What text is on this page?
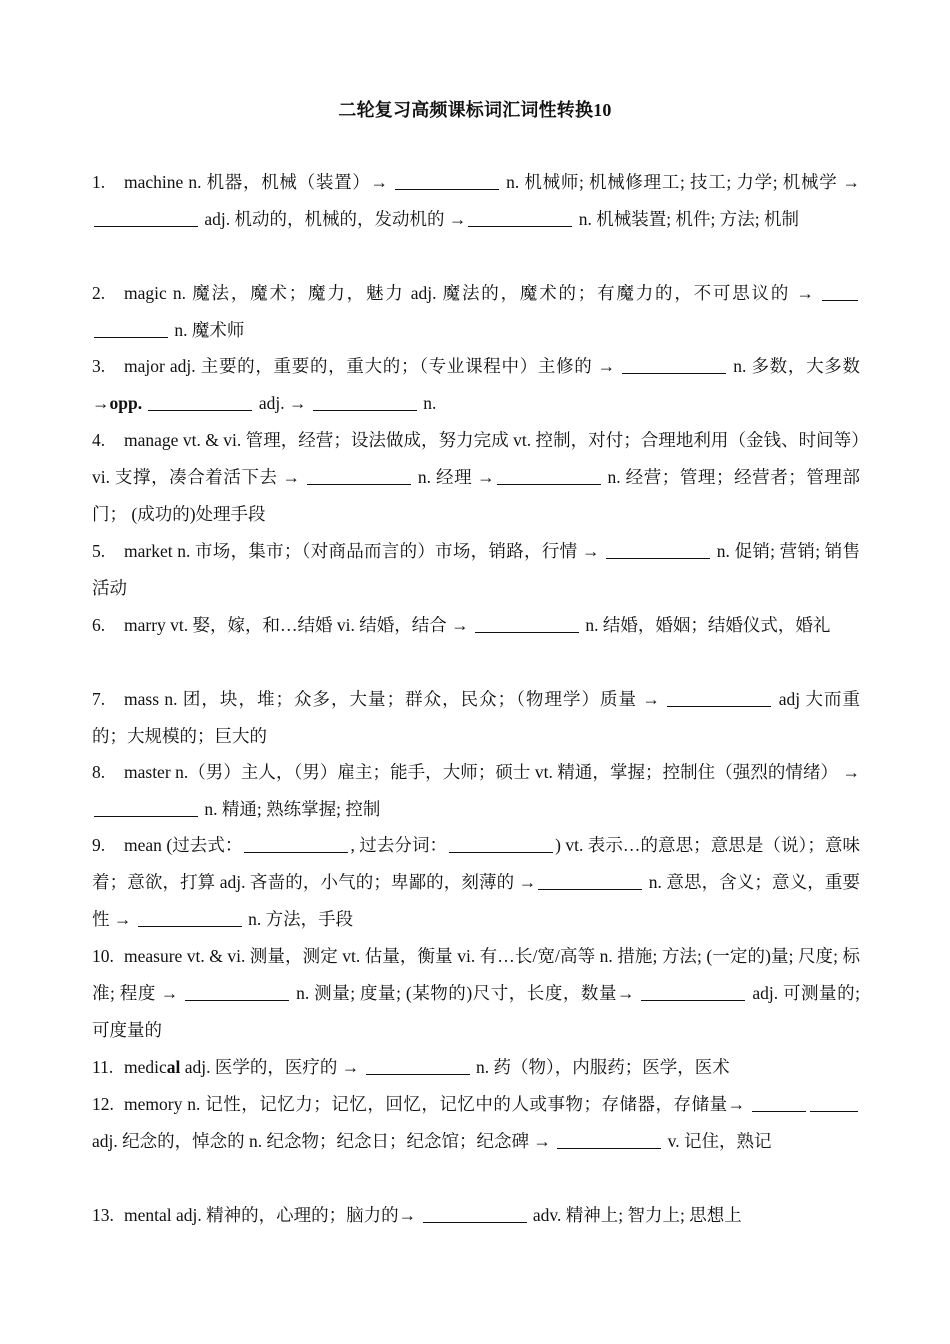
二轮复习高频课标词汇词性转换10
1. machine n. 机器，机械（装置）→	n. 机械师; 机械修理工; 技工; 力学; 机械学 →  adj. 机动的，机械的，发动机的 →	n. 机械装置; 机件; 方法; 机制
2. magic n. 魔法，魔术；魔力，魅力 adj. 魔法的，魔术的；有魔力的，不可思议的 →  n. 魔术师
3. major adj. 主要的，重要的，重大的；（专业课程中）主修的 →	n. 多数，大多数 →opp.	adj. →	n.
4. manage vt. & vi. 管理，经营；设法做成，努力完成 vt. 控制，对付；合理地利用（金钱、时间等）vi. 支撑，凑合着活下去 →	n. 经理 →	n. 经营；管理；经营者；管理部门； (成功的)处理手段
5. market n. 市场，集市；（对商品而言的）市场，销路，行情 →	n. 促销; 营销; 销售活动
6. marry vt. 娶，嫁，和…结婚 vi. 结婚，结合 →	n. 结婚，婚姻；结婚仪式，婚礼
7. mass n. 团，块，堆；众多，大量；群众，民众；（物理学）质量 →	adj 大而重的；大规模的；巨大的
8. master n.（男）主人，（男）雇主；能手，大师；硕士 vt. 精通，掌握；控制住（强烈的情绪） →  n. 精通; 熟练掌握; 控制
9. mean (过去式：	, 过去分词：	) vt. 表示…的意思；意思是（说）；意味着；意欲，打算 adj. 吝啬的，小气的；卑鄙的，刻薄的 →	n. 意思，含义；意义，重要性 →	n. 方法，手段
10. measure vt. & vi. 测量，测定 vt. 估量，衡量 vi. 有…长/宽/高等 n. 措施; 方法; (一定的)量; 尺度; 标准; 程度 →	n. 测量; 度量; (某物的)尺寸，长度，数量→	adj. 可测量的; 可度量的
11. medical adj. 医学的，医疗的 →	n. 药（物），内服药；医学，医术
12. memory n. 记性，记忆力；记忆，回忆，记忆中的人或事物；存储器，存储量→  adj. 纪念的，悼念的 n. 纪念物；纪念日；纪念馆；纪念碑 →	v. 记住，熟记
13. mental adj. 精神的，心理的；脑力的→	adv. 精神上; 智力上; 思想上
